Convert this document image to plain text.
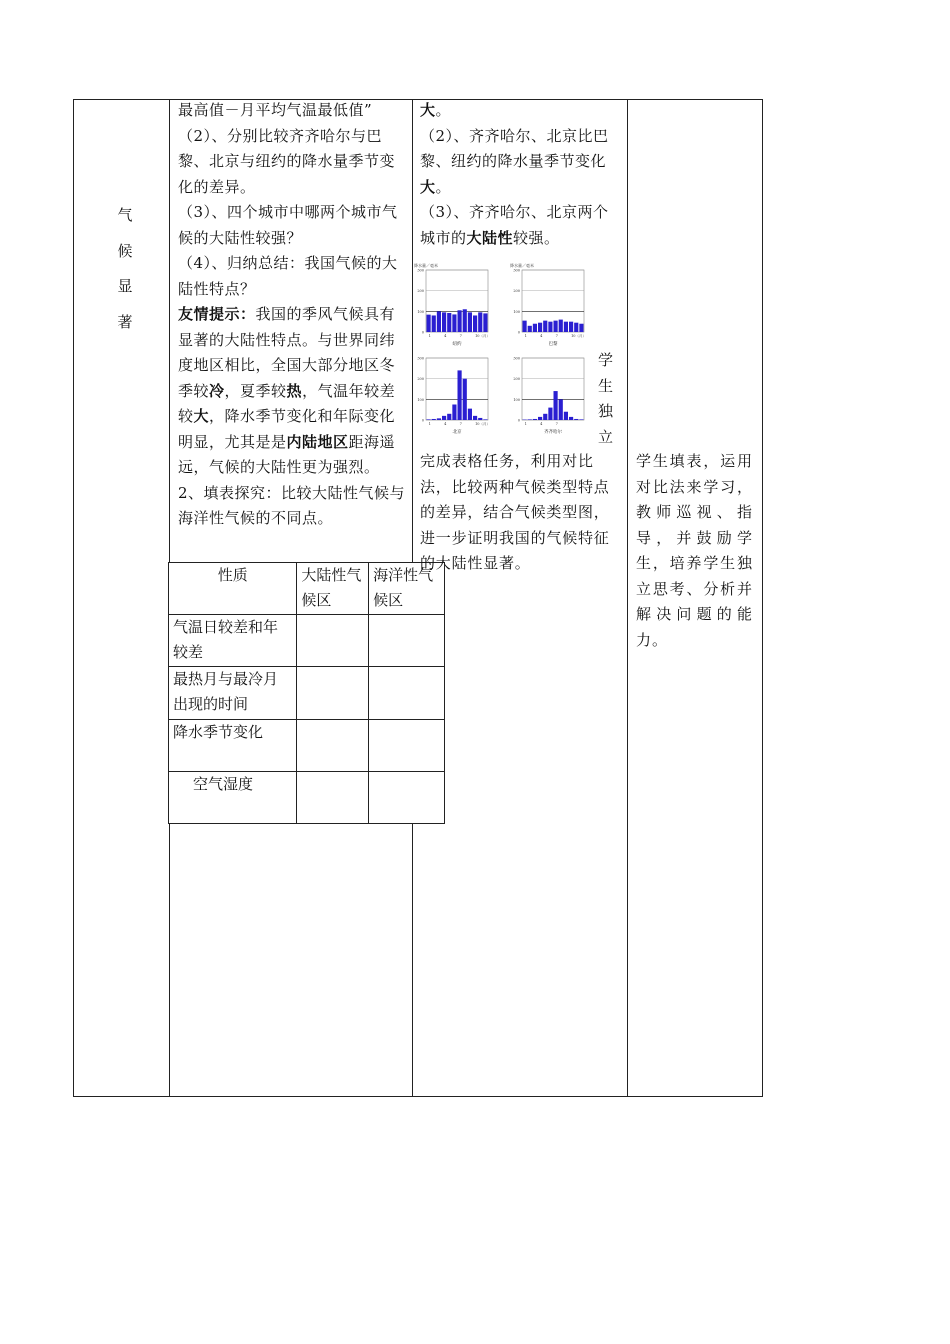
气
候
显
著

最高值－月平均气温最低值”

（2）、分别比较齐齐哈尔与巴黎、北京与纽约的降水量季节变化的差异。

（3）、四个城市中哪两个城市气候的大陆性较强？

（4）、归纳总结：我国气候的大陆性特点？

友情提示：我国的季风气候具有显著的大陆性特点。与世界同纬度地区相比，全国大部分地区冬季较冷，夏季较热，气温年较差较大，降水季节变化和年际变化明显，尤其是是内陆地区距海遥远，气候的大陆性更为强烈。

2、填表探究：比较大陆性气候与海洋性气候的不同点。

性质	大陆性气候区	海洋性气候区
气温日较差和年较差		
最热月与最冷月出现的时间		
降水季节变化		
空气湿度		

大。

（2）、齐齐哈尔、北京比巴黎、纽约的降水量季节变化大。

（3）、齐齐哈尔、北京两个城市的大陆性较强。

学

生

独

立

完成表格任务，利用对比法，比较两种气候类型特点的差异，结合气候类型图，进一步证明我国的气候特征的大陆性显著。

降水量／毫米
0
100
200
300
1	4	7	10（月）
纽约
降水量／毫米
0
100
200
300
1	4	7	10（月）
巴黎
0
100
200
300
1	4	7	10（月）
北京
0
100
200
300
1	4	7
齐齐哈尔

学生填表，运用对比法来学习，教师巡视、指导，并鼓励学生，培养学生独立思考、分析并解决问题的能力。
